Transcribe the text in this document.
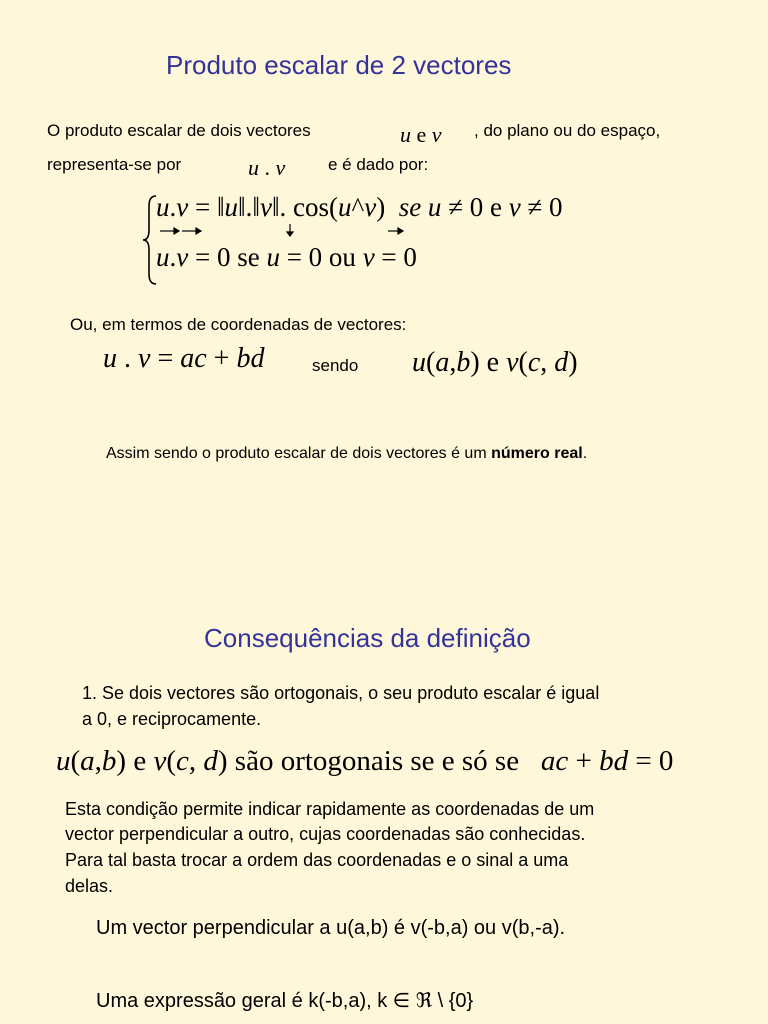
Produto escalar de 2 vectores
O produto escalar de dois vectores	u e v , do plano ou do espaço,
representa-se por	u . v	e é dado por:
u.v = ‖u‖.‖v‖. cos(u^v)  se u ≠ 0 e v ≠ 0
u.v = 0 se u = 0 ou v = 0
Ou, em termos de coordenadas de vectores:
u . v = ac + bd	sendo u(a,b) e v(c, d)
Assim sendo o produto escalar de dois vectores é um número real.
Consequências da definição
1. Se dois vectores são ortogonais, o seu produto escalar é igual
a 0, e reciprocamente.
u(a,b) e v(c, d) são ortogonais se e só se   ac + bd = 0
Esta condição permite indicar rapidamente as coordenadas de um
vector perpendicular a outro, cujas coordenadas são conhecidas.
Para tal basta trocar a ordem das coordenadas e o sinal a uma
delas.
Um vector perpendicular a u(a,b) é v(-b,a) ou v(b,-a).
Uma expressão geral é k(-b,a), k ∈ ℜ \ {0}
